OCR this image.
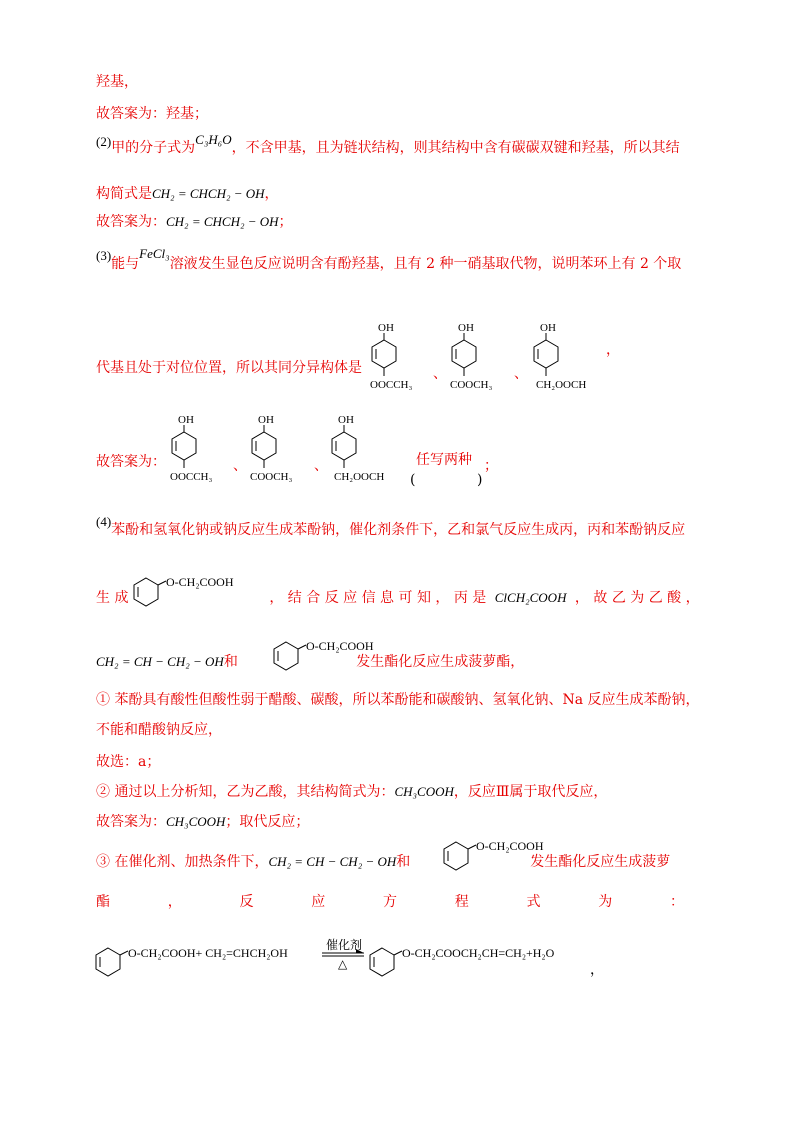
羟基，
故答案为：羟基；
(2)甲的分子式为C₃H₆O，不含甲基，且为链状结构，则其结构中含有碳碳双键和羟基，所以其结
构简式是CH₂ = CHCH₂ − OH，
故答案为：CH₂ = CHCH₂ − OH；
(3)能与FeCl₃溶液发生显色反应说明含有酚羟基，且有 2 种一硝基取代物，说明苯环上有 2 个取
代基且处于对位位置，所以其同分异构体是	、	、
，
OH
OOCCH₃
OH
COOCH₃
OH
CH₂OOCH
故答案为：	、	、	任写两种
(	)
；
OH
OOCCH₃
OH
COOCH₃
OH
CH₂OOCH
(4)苯酚和氢氧化钠或钠反应生成苯酚钠，催化剂条件下，乙和氯气反应生成丙，丙和苯酚钠反应
生 成	， 结 合 反 应 信 息 可 知 ， 丙 是 ClCH₂COOH ， 故 乙 为 乙 酸 ，
O-CH₂COOH
CH₂ = CH − CH₂ − OH和	发生酯化反应生成菠萝酯，
O-CH₂COOH
① 苯酚具有酸性但酸性弱于醋酸、碳酸，所以苯酚能和碳酸钠、氢氧化钠、Na 反应生成苯酚钠，
不能和醋酸钠反应，
故选：a；
② 通过以上分析知，乙为乙酸，其结构简式为：CH₃COOH，反应Ⅲ属于取代反应，
故答案为：CH₃COOH；取代反应；
③ 在催化剂、加热条件下，CH₂ = CH − CH₂ − OH和	发生酯化反应生成菠萝
O-CH₂COOH
酯	，	反	应	方	程	式	为	：
O-CH₂COOH+ CH₂=CHCH₂OH
催化剂
△
O-CH₂COOCH₂CH=CH₂+H₂O
，
